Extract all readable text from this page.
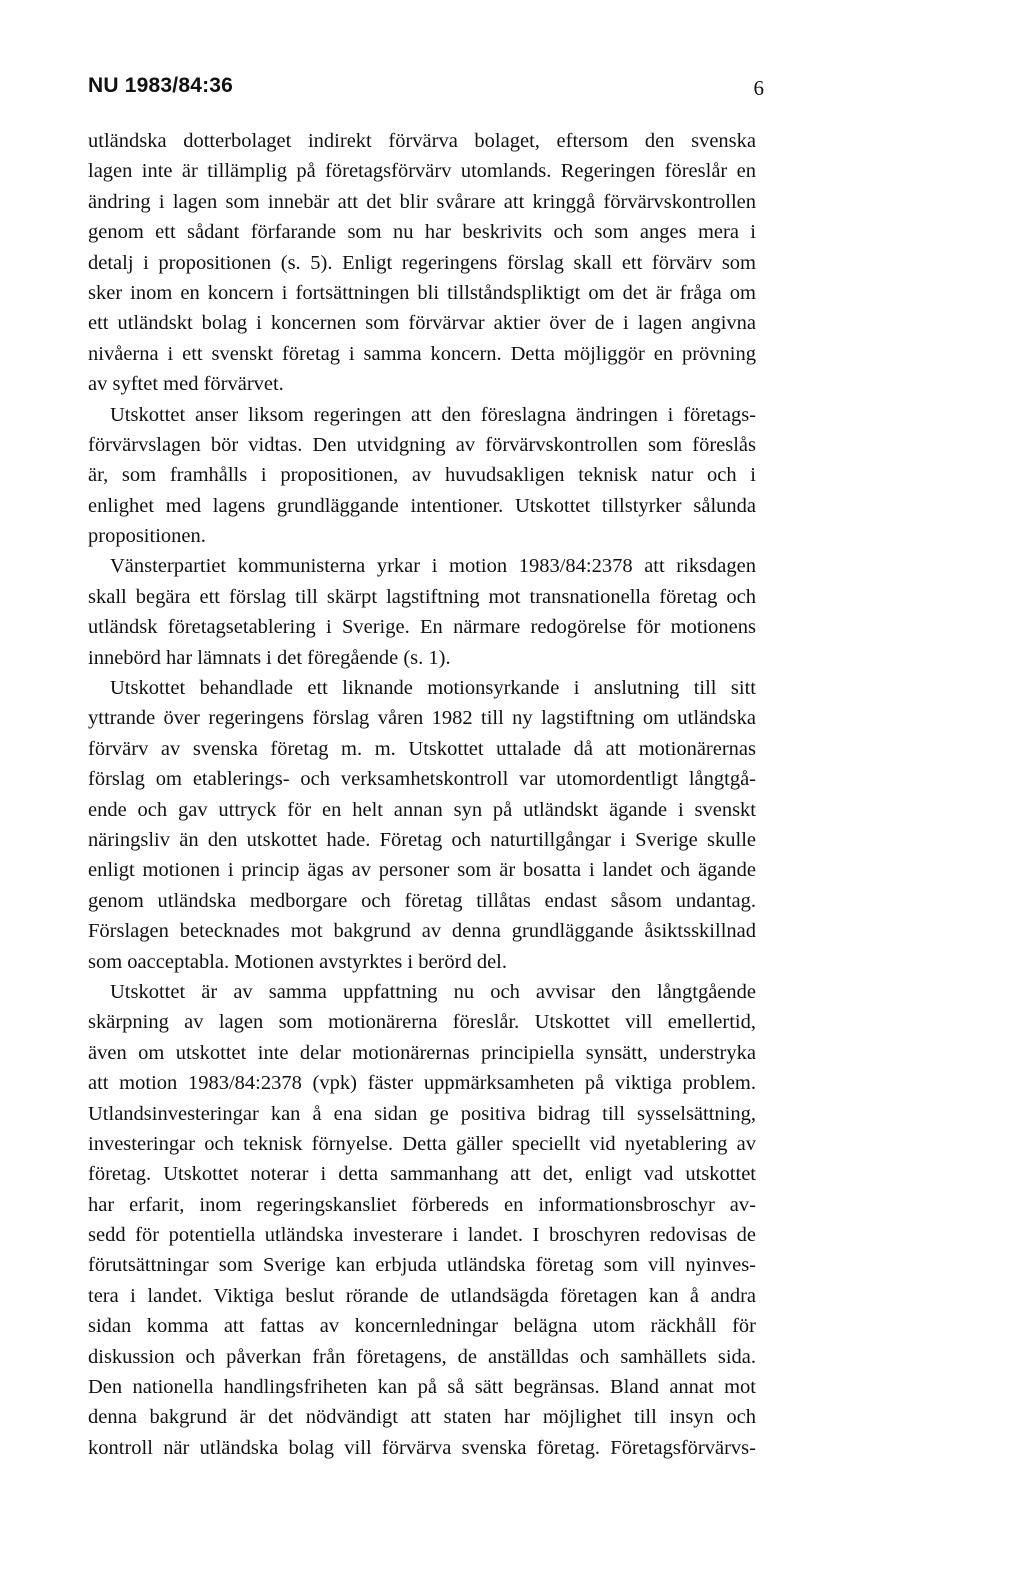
NU 1983/84:36	6
utländska dotterbolaget indirekt förvärva bolaget, eftersom den svenska
lagen inte är tillämplig på företagsförvärv utomlands. Regeringen föreslår en
ändring i lagen som innebär att det blir svårare att kringgå förvärvskontrollen
genom ett sådant förfarande som nu har beskrivits och som anges mera i
detalj i propositionen (s. 5). Enligt regeringens förslag skall ett förvärv som
sker inom en koncern i fortsättningen bli tillståndspliktigt om det är fråga om
ett utländskt bolag i koncernen som förvärvar aktier över de i lagen angivna
nivåerna i ett svenskt företag i samma koncern. Detta möjliggör en prövning
av syftet med förvärvet.
Utskottet anser liksom regeringen att den föreslagna ändringen i företags-
förvärvslagen bör vidtas. Den utvidgning av förvärvskontrollen som föreslås
är, som framhålls i propositionen, av huvudsakligen teknisk natur och i
enlighet med lagens grundläggande intentioner. Utskottet tillstyrker sålunda
propositionen.
Vänsterpartiet kommunisterna yrkar i motion 1983/84:2378 att riksdagen
skall begära ett förslag till skärpt lagstiftning mot transnationella företag och
utländsk företagsetablering i Sverige. En närmare redogörelse för motionens
innebörd har lämnats i det föregående (s. 1).
Utskottet behandlade ett liknande motionsyrkande i anslutning till sitt
yttrande över regeringens förslag våren 1982 till ny lagstiftning om utländska
förvärv av svenska företag m. m. Utskottet uttalade då att motionärernas
förslag om etablerings- och verksamhetskontroll var utomordentligt långtgå-
ende och gav uttryck för en helt annan syn på utländskt ägande i svenskt
näringsliv än den utskottet hade. Företag och naturtillgångar i Sverige skulle
enligt motionen i princip ägas av personer som är bosatta i landet och ägande
genom utländska medborgare och företag tillåtas endast såsom undantag.
Förslagen betecknades mot bakgrund av denna grundläggande åsiktsskillnad
som oacceptabla. Motionen avstyrktes i berörd del.
Utskottet är av samma uppfattning nu och avvisar den långtgående
skärpning av lagen som motionärerna föreslår. Utskottet vill emellertid,
även om utskottet inte delar motionärernas principiella synsätt, understryka
att motion 1983/84:2378 (vpk) fäster uppmärksamheten på viktiga problem.
Utlandsinvesteringar kan å ena sidan ge positiva bidrag till sysselsättning,
investeringar och teknisk förnyelse. Detta gäller speciellt vid nyetablering av
företag. Utskottet noterar i detta sammanhang att det, enligt vad utskottet
har erfarit, inom regeringskansliet förbereds en informationsbroschyr av-
sedd för potentiella utländska investerare i landet. I broschyren redovisas de
förutsättningar som Sverige kan erbjuda utländska företag som vill nyinves-
tera i landet. Viktiga beslut rörande de utlandsägda företagen kan å andra
sidan komma att fattas av koncernledningar belägna utom räckhåll för
diskussion och påverkan från företagens, de anställdas och samhällets sida.
Den nationella handlingsfriheten kan på så sätt begränsas. Bland annat mot
denna bakgrund är det nödvändigt att staten har möjlighet till insyn och
kontroll när utländska bolag vill förvärva svenska företag. Företagsförvärvs-
